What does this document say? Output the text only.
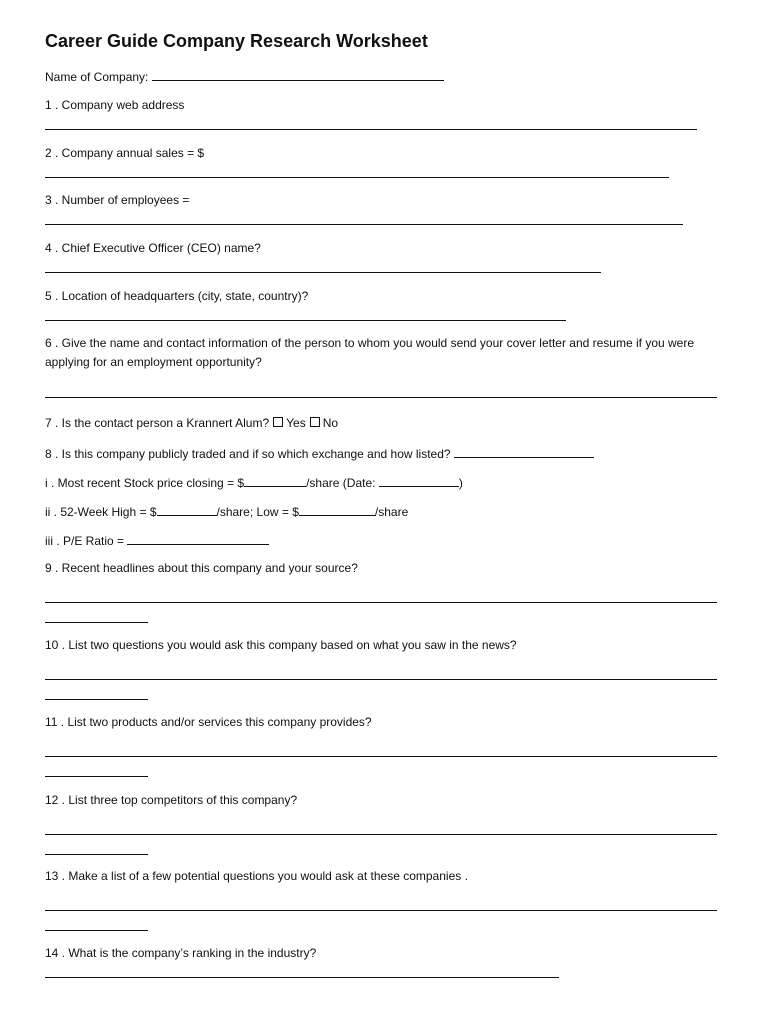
Career Guide Company Research Worksheet
Name of Company:
1 . Company web address
2 . Company annual sales = $
3 . Number of employees =
4 . Chief Executive Officer (CEO) name?
5 . Location of headquarters (city, state, country)?
6 . Give the name and contact information of the person to whom you would send your cover letter and resume if you were applying for an employment opportunity?
7 . Is the contact person a Krannert Alum? Yes No
8 . Is this company publicly traded and if so which exchange and how listed?
i . Most recent Stock price closing = $	/share (Date:	)
ii . 52-Week High = $	/share; Low = $	/share
iii . P/E Ratio =
9 . Recent headlines about this company and your source?
10 . List two questions you would ask this company based on what you saw in the news?
11 . List two products and/or services this company provides?
12 . List three top competitors of this company?
13 . Make a list of a few potential questions you would ask at these companies .
14 . What is the company’s ranking in the industry?
